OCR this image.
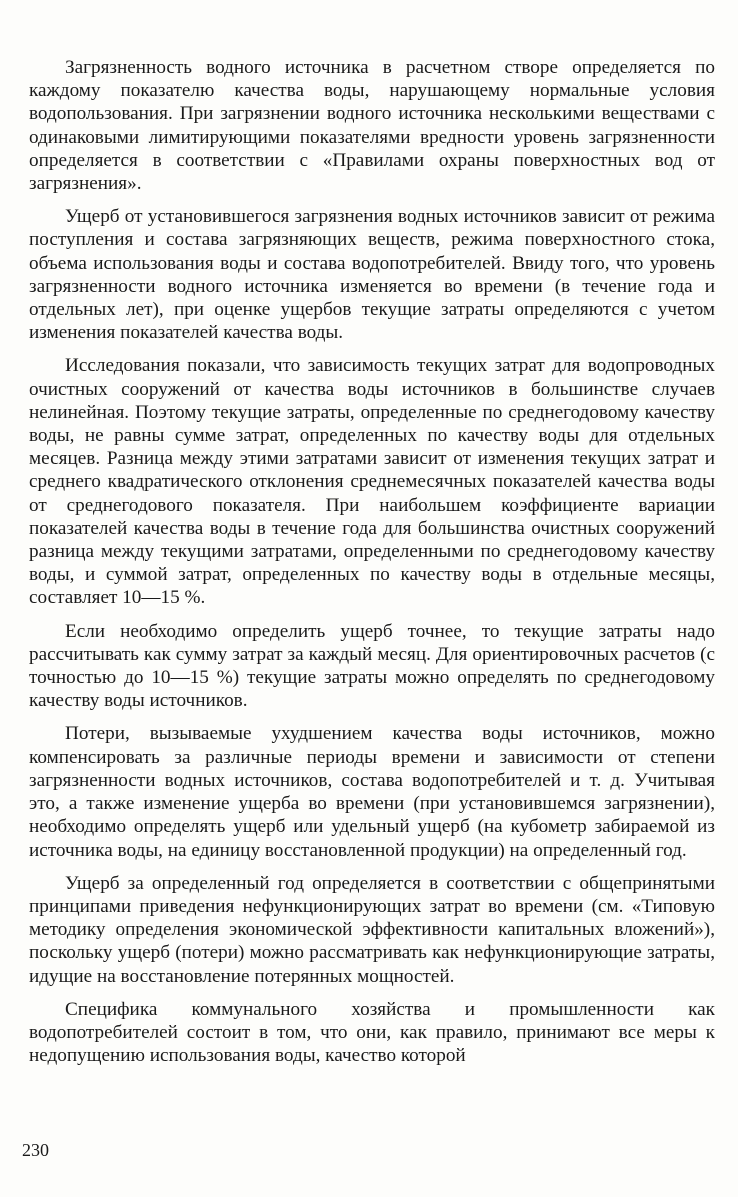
Загрязненность водного источника в расчетном створе определяется по каждому показателю качества воды, нарушающему нормальные условия водопользования. При загрязнении водного источника несколькими веществами с одинаковыми лимитирующими показателями вредности уровень загрязненности определяется в соответствии с «Правилами охраны поверхностных вод от загрязнения».

Ущерб от установившегося загрязнения водных источников зависит от режима поступления и состава загрязняющих веществ, режима поверхностного стока, объема использования воды и состава водопотребителей. Ввиду того, что уровень загрязненности водного источника изменяется во времени (в течение года и отдельных лет), при оценке ущербов текущие затраты определяются с учетом изменения показателей качества воды.

Исследования показали, что зависимость текущих затрат для водопроводных очистных сооружений от качества воды источников в большинстве случаев нелинейная. Поэтому текущие затраты, определенные по среднегодовому качеству воды, не равны сумме затрат, определенных по качеству воды для отдельных месяцев. Разница между этими затратами зависит от изменения текущих затрат и среднего квадратического отклонения среднемесячных показателей качества воды от среднегодового показателя. При наибольшем коэффициенте вариации показателей качества воды в течение года для большинства очистных сооружений разница между текущими затратами, определенными по среднегодовому качеству воды, и суммой затрат, определенных по качеству воды в отдельные месяцы, составляет 10—15 %.

Если необходимо определить ущерб точнее, то текущие затраты надо рассчитывать как сумму затрат за каждый месяц. Для ориентировочных расчетов (с точностью до 10—15 %) текущие затраты можно определять по среднегодовому качеству воды источников.

Потери, вызываемые ухудшением качества воды источников, можно компенсировать за различные периоды времени и зависимости от степени загрязненности водных источников, состава водопотребителей и т. д. Учитывая это, а также изменение ущерба во времени (при установившемся загрязнении), необходимо определять ущерб или удельный ущерб (на кубометр забираемой из источника воды, на единицу восстановленной продукции) на определенный год.

Ущерб за определенный год определяется в соответствии с общепринятыми принципами приведения нефункционирующих затрат во времени (см. «Типовую методику определения экономической эффективности капитальных вложений»), поскольку ущерб (потери) можно рассматривать как нефункционирующие затраты, идущие на восстановление потерянных мощностей.

Специфика коммунального хозяйства и промышленности как водопотребителей состоит в том, что они, как правило, принимают все меры к недопущению использования воды, качество которой

230
